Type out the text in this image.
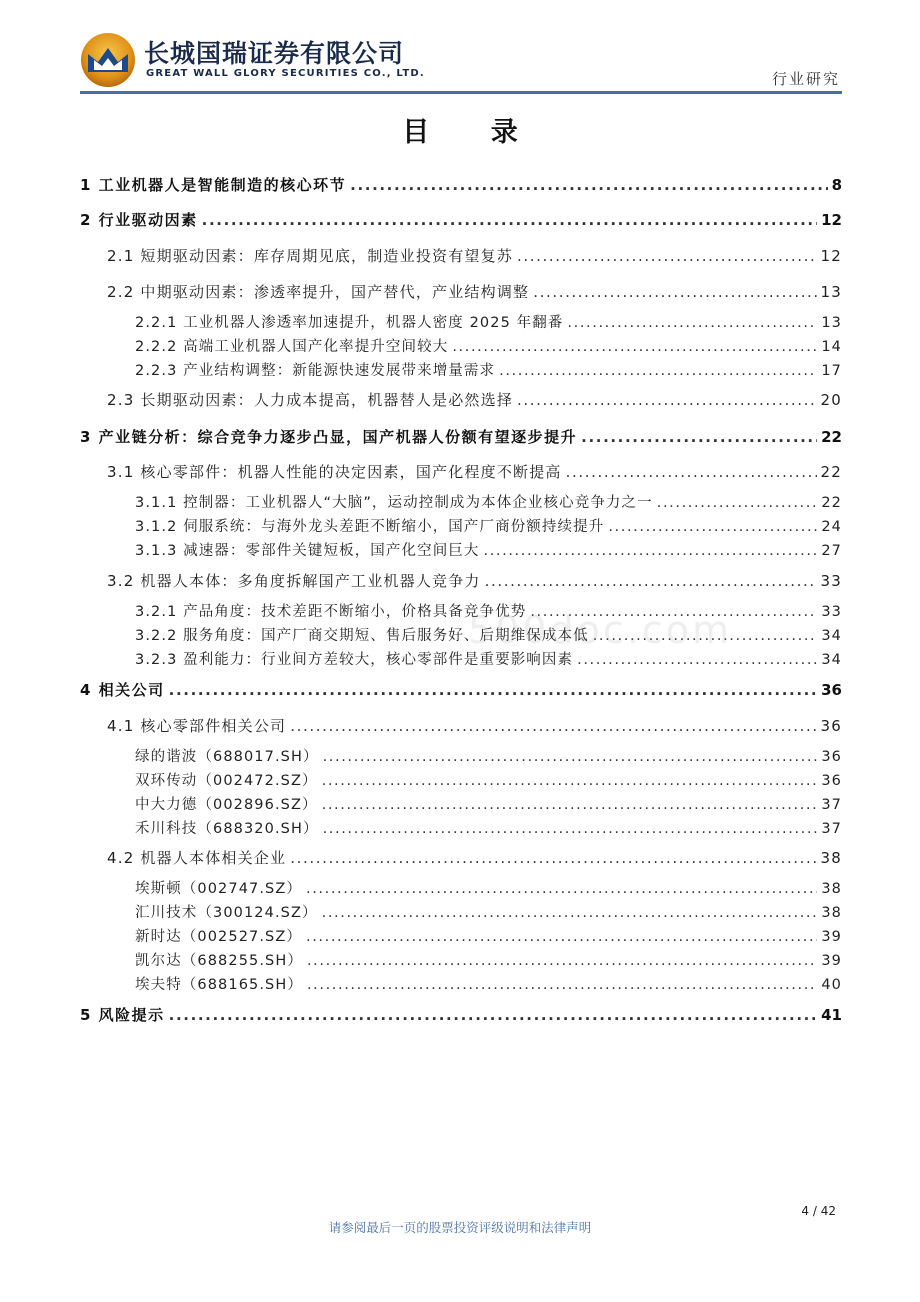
长城国瑞证券有限公司
GREAT WALL GLORY SECURITIES CO., LTD.	行业研究
目 录
1 工业机器人是智能制造的核心环节 .....	8
2 行业驱动因素 .....	12
2.1 短期驱动因素：库存周期见底，制造业投资有望复苏 .....	12
2.2 中期驱动因素：渗透率提升，国产替代，产业结构调整 .....	13
2.2.1 工业机器人渗透率加速提升，机器人密度 2025 年翻番 .....	13
2.2.2 高端工业机器人国产化率提升空间较大 .....	14
2.2.3 产业结构调整：新能源快速发展带来增量需求 .....	17
2.3 长期驱动因素：人力成本提高，机器替人是必然选择 .....	20
3 产业链分析：综合竞争力逐步凸显，国产机器人份额有望逐步提升 .....	22
3.1 核心零部件：机器人性能的决定因素，国产化程度不断提高 .....	22
3.1.1 控制器：工业机器人“大脑”，运动控制成为本体企业核心竞争力之一 .....	22
3.1.2 伺服系统：与海外龙头差距不断缩小，国产厂商份额持续提升 .....	24
3.1.3 减速器：零部件关键短板，国产化空间巨大 .....	27
3.2 机器人本体：多角度拆解国产工业机器人竞争力 .....	33
3.2.1 产品角度：技术差距不断缩小，价格具备竞争优势 .....	33
3.2.2 服务角度：国产厂商交期短、售后服务好、后期维保成本低 .....	34
3.2.3 盈利能力：行业间方差较大，核心零部件是重要影响因素 .....	34
4 相关公司 .....	36
4.1 核心零部件相关公司 .....	36
绿的谐波（688017.SH） .....	36
双环传动（002472.SZ） .....	36
中大力德（002896.SZ） .....	37
禾川科技（688320.SH） .....	37
4.2 机器人本体相关企业 .....	38
埃斯顿（002747.SZ） .....	38
汇川技术（300124.SZ） .....	38
新时达（002527.SZ） .....	39
凯尔达（688255.SH） .....	39
埃夫特（688165.SH） .....	40
5 风险提示 .....	41
500doc.com
4 / 42
请参阅最后一页的股票投资评级说明和法律声明
